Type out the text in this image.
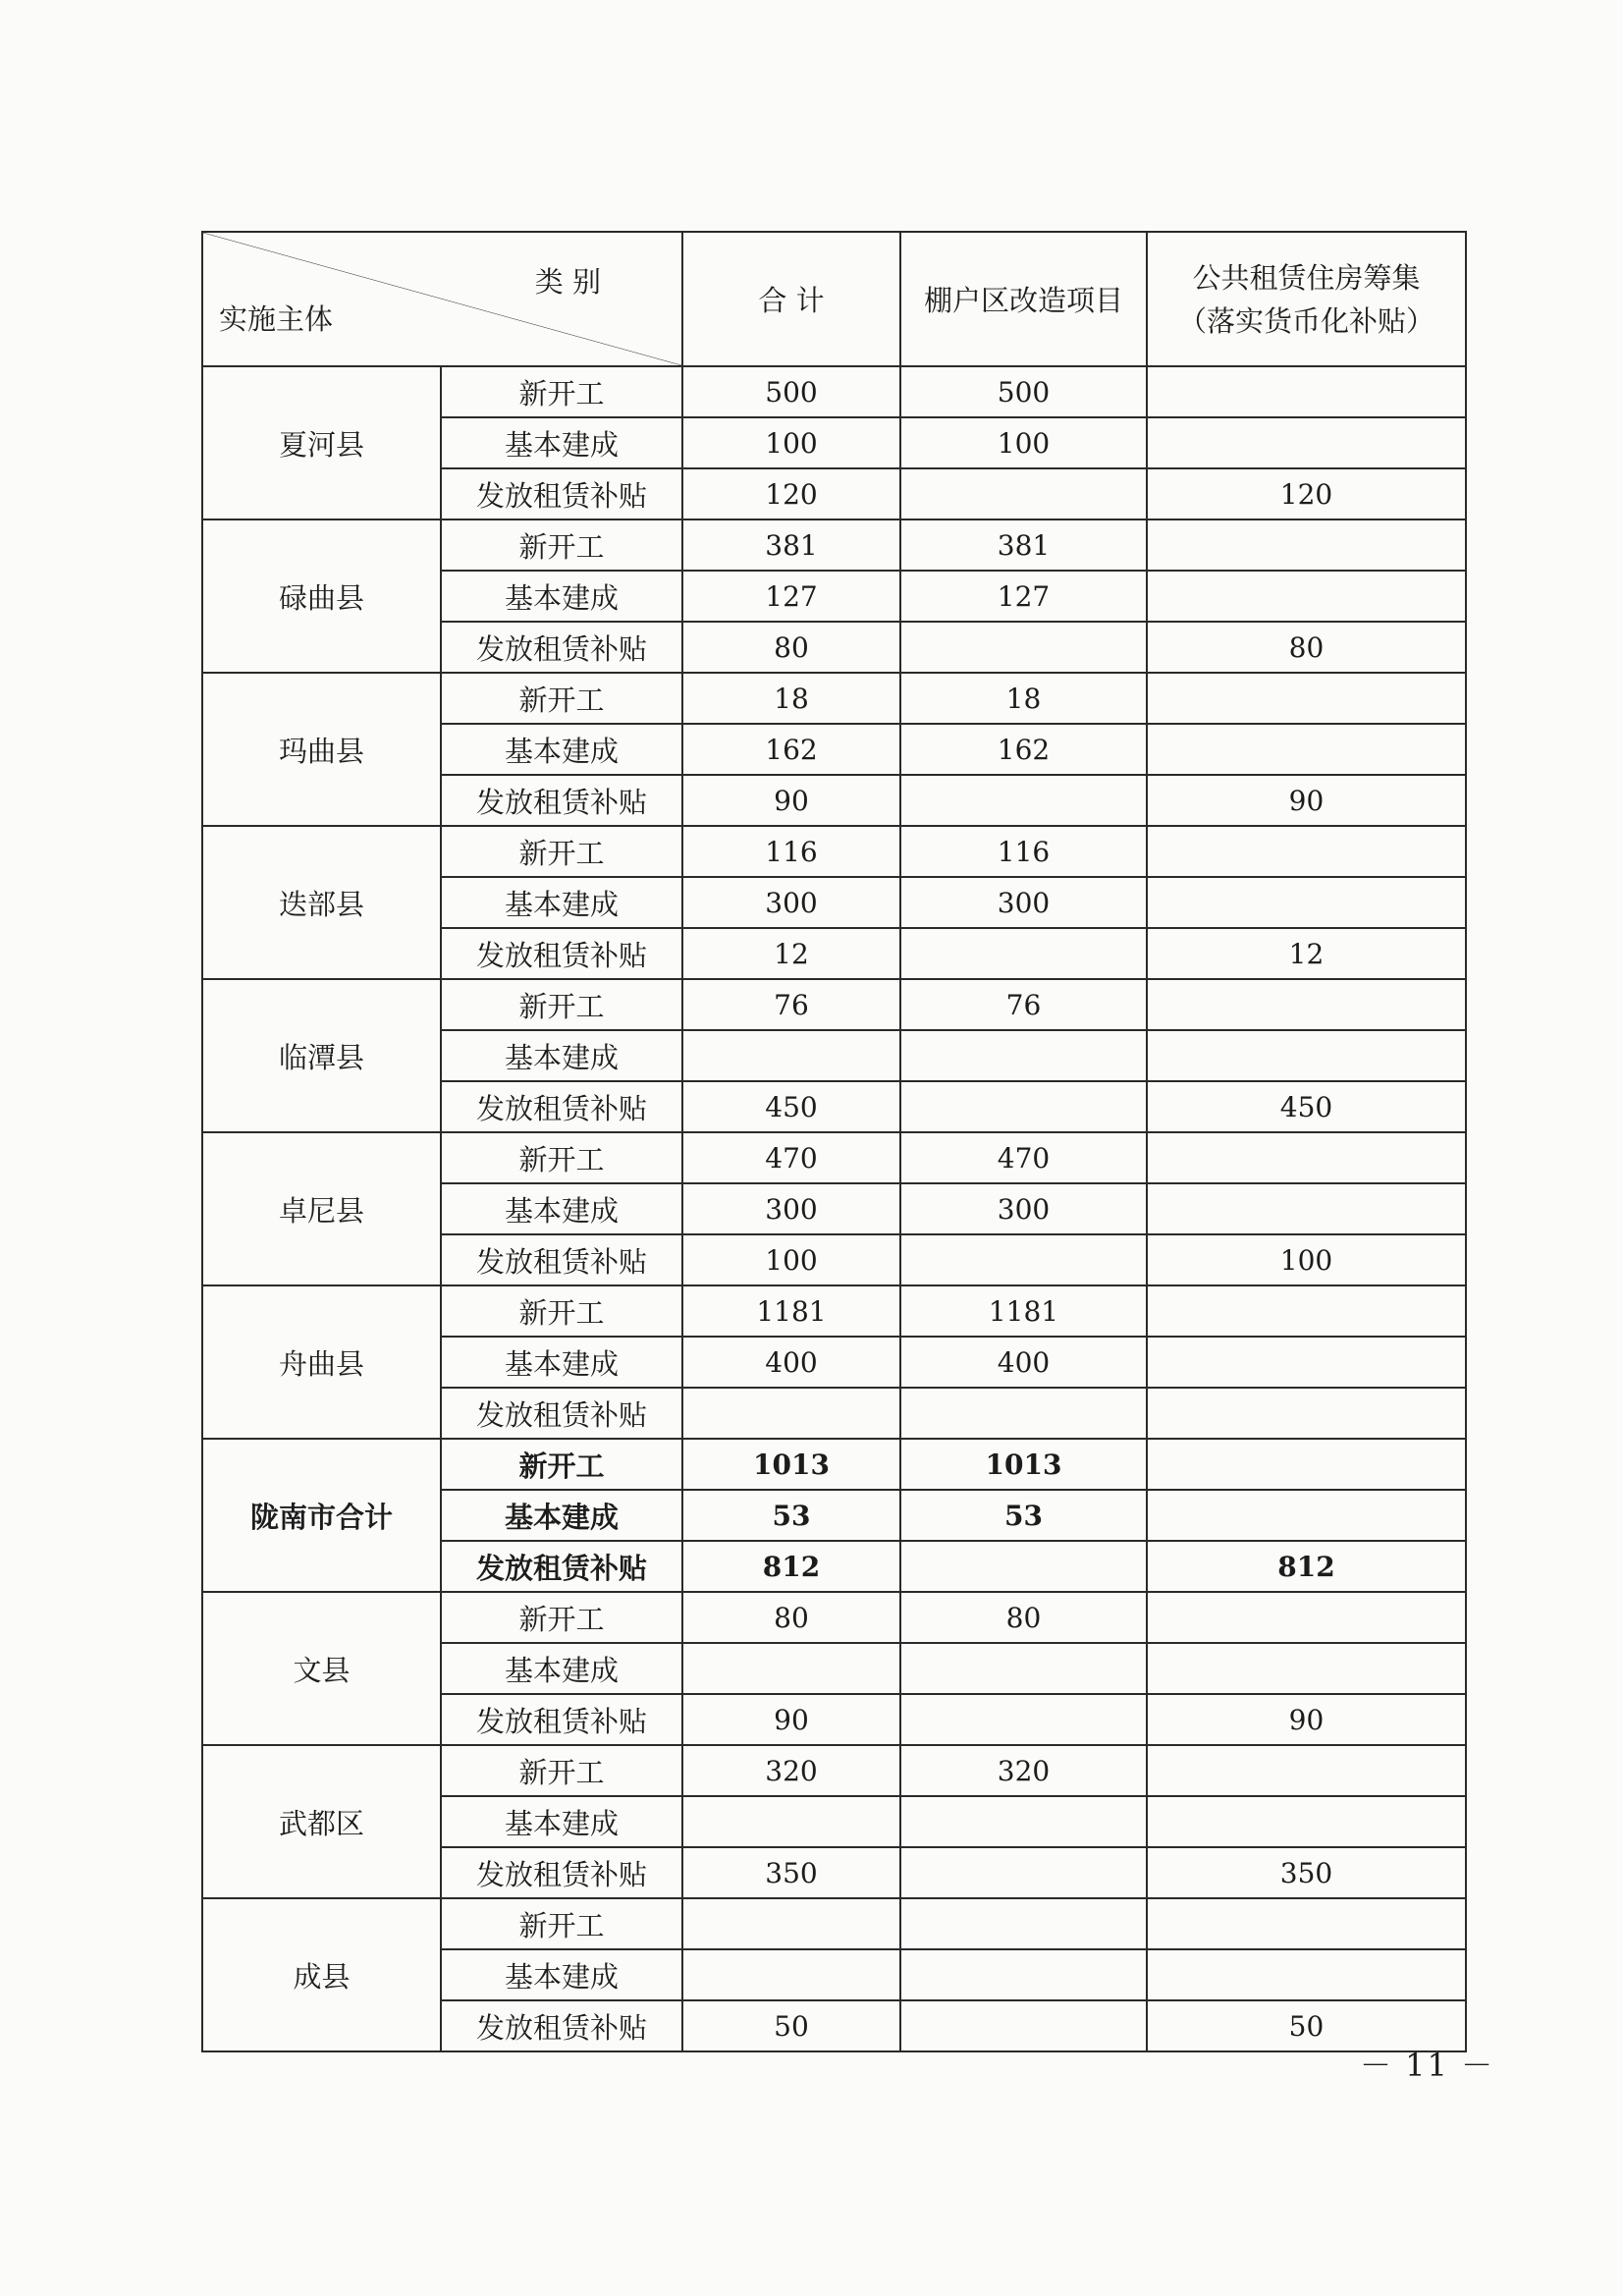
类 别
实施主体		合 计	棚户区改造项目	公共租赁住房筹集
（落实货币化补贴）

夏河县	新开工	500	500	
	基本建成	100	100	
	发放租赁补贴	120		120
碌曲县	新开工	381	381	
	基本建成	127	127	
	发放租赁补贴	80		80
玛曲县	新开工	18	18	
	基本建成	162	162	
	发放租赁补贴	90		90
迭部县	新开工	116	116	
	基本建成	300	300	
	发放租赁补贴	12		12
临潭县	新开工	76	76	
	基本建成			
	发放租赁补贴	450		450
卓尼县	新开工	470	470	
	基本建成	300	300	
	发放租赁补贴	100		100
舟曲县	新开工	1181	1181	
	基本建成	400	400	
	发放租赁补贴			
陇南市合计	新开工	1013	1013	
	基本建成	53	53	
	发放租赁补贴	812		812
文县	新开工	80	80	
	基本建成			
	发放租赁补贴	90		90
武都区	新开工	320	320	
	基本建成			
	发放租赁补贴	350		350
成县	新开工			
	基本建成			
	发放租赁补贴	50		50
－ 11 －
